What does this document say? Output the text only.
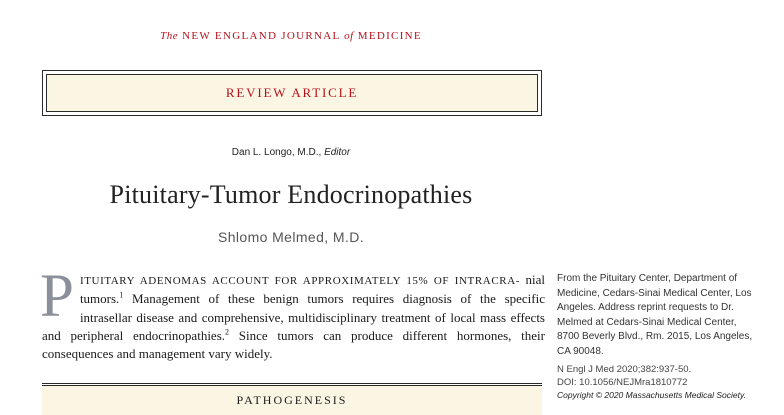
The NEW ENGLAND JOURNAL of MEDICINE
REVIEW ARTICLE
Dan L. Longo, M.D., Editor
Pituitary-Tumor Endocrinopathies
Shlomo Melmed, M.D.
PITUITARY ADENOMAS ACCOUNT FOR APPROXIMATELY 15% OF INTRACRA- nial tumors.$^1$ Management of these benign tumors requires diagnosis of the specific intrasellar disease and comprehensive, multidisciplinary treatment of local mass effects and peripheral endocrinopathies.$^2$ Since tumors can produce different hormones, their consequences and management vary widely.
PATHOGENESIS
From the Pituitary Center, Department of Medicine, Cedars-Sinai Medical Center, Los Angeles. Address reprint requests to Dr. Melmed at Cedars-Sinai Medical Center, 8700 Beverly Blvd., Rm. 2015, Los Angeles, CA 90048.
N Engl J Med 2020;382:937-50.
DOI: 10.1056/NEJMra1810772
Copyright © 2020 Massachusetts Medical Society.
